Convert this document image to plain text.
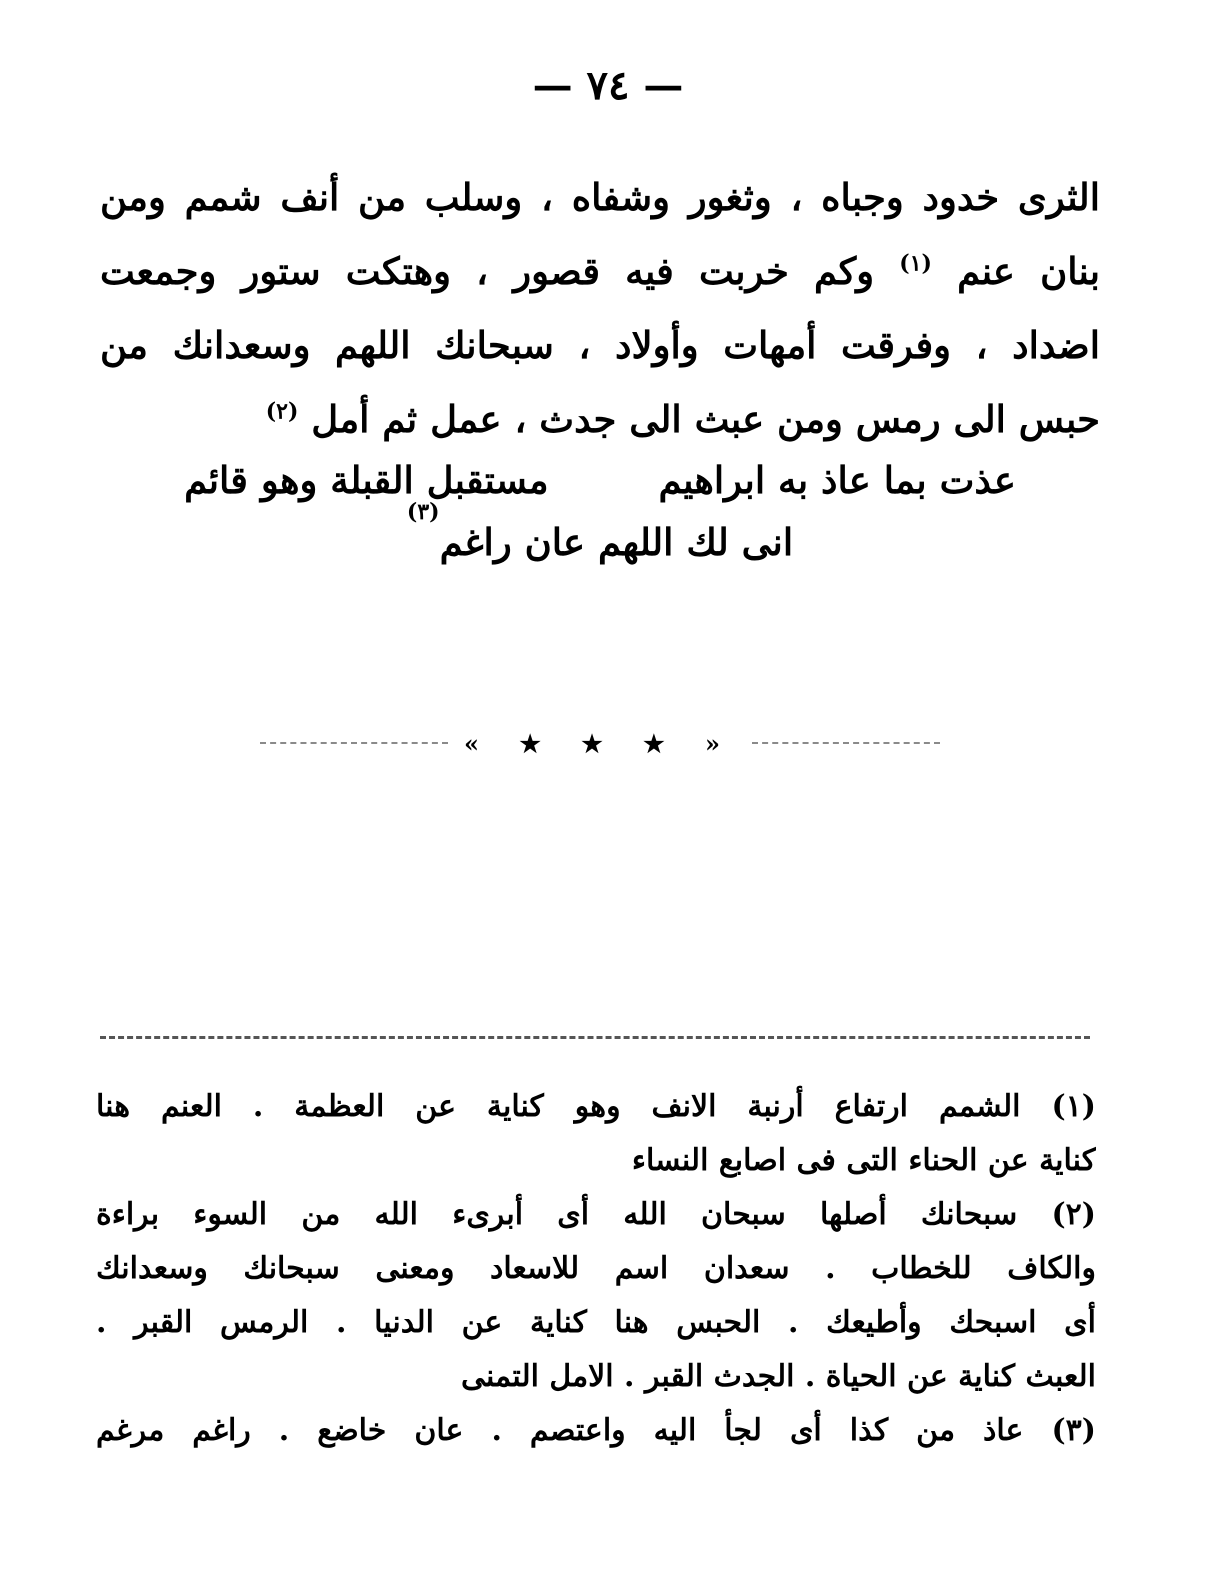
— ٧٤ —
الثرى خدود وجباه ، وثغور وشفاه ، وسلب من أنف شمم ومن
بنان عنم $^{(١)}$ وكم خربت فيه قصور ، وهتكت ستور وجمعت
اضداد ، وفرقت أمهات وأولاد ، سبحانك اللهم وسعدانك من
حبس الى رمس ومن عبث الى جدث ، عمل ثم أمل $^{(٢)}$
عذت بما عاذ به ابراهيم
مستقبل القبلة وهو قائم
انى لك اللهم عان راغم
(٣)
« ★ ★ ★ »
(١) الشمم ارتفاع أرنبة الانف وهو كناية عن العظمة . العنم هنا
كناية عن الحناء التى فى اصابع النساء
(٢) سبحانك أصلها سبحان الله أى أبرىء الله من السوء براءة
والكاف للخطاب . سعدان اسم للاسعاد ومعنى سبحانك وسعدانك
أى اسبحك وأطيعك . الحبس هنا كناية عن الدنيا . الرمس القبر .
العبث كناية عن الحياة . الجدث القبر . الامل التمنى
(٣) عاذ من كذا أى لجأ اليه واعتصم . عان خاضع . راغم مرغم
